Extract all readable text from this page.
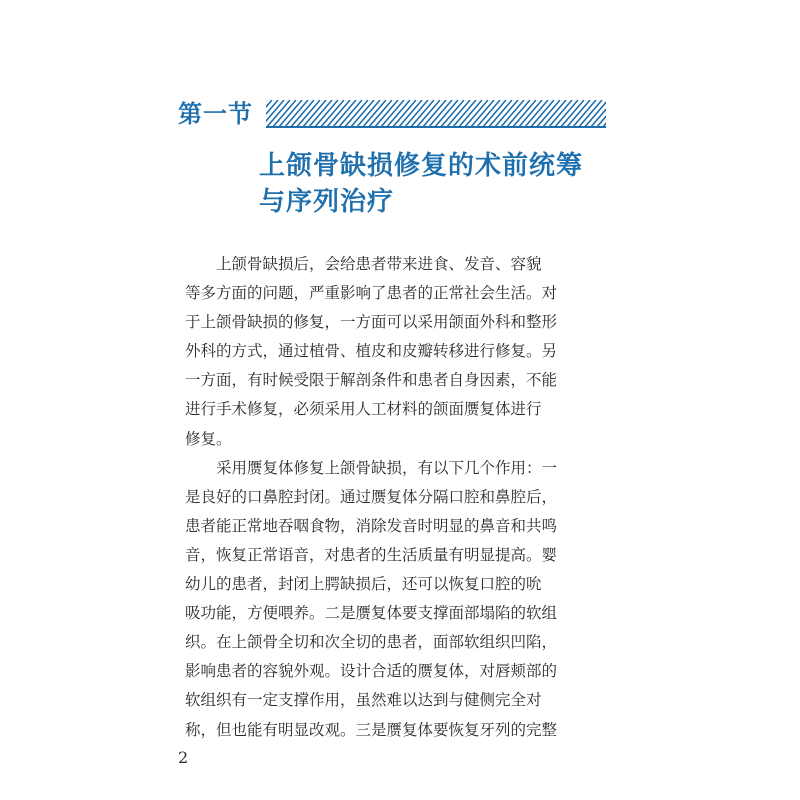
第一节
上颌骨缺损修复的术前统筹
与序列治疗
　　上颌骨缺损后，会给患者带来进食、发音、容貌
等多方面的问题，严重影响了患者的正常社会生活。对
于上颌骨缺损的修复，一方面可以采用颌面外科和整形
外科的方式，通过植骨、植皮和皮瓣转移进行修复。另
一方面，有时候受限于解剖条件和患者自身因素，不能
进行手术修复，必须采用人工材料的颌面赝复体进行
修复。
　　采用赝复体修复上颌骨缺损，有以下几个作用：一
是良好的口鼻腔封闭。通过赝复体分隔口腔和鼻腔后，
患者能正常地吞咽食物，消除发音时明显的鼻音和共鸣
音，恢复正常语音，对患者的生活质量有明显提高。婴
幼儿的患者，封闭上腭缺损后，还可以恢复口腔的吮
吸功能，方便喂养。二是赝复体要支撑面部塌陷的软组
织。在上颌骨全切和次全切的患者，面部软组织凹陷，
影响患者的容貌外观。设计合适的赝复体，对唇颊部的
软组织有一定支撑作用，虽然难以达到与健侧完全对
称，但也能有明显改观。三是赝复体要恢复牙列的完整
2
